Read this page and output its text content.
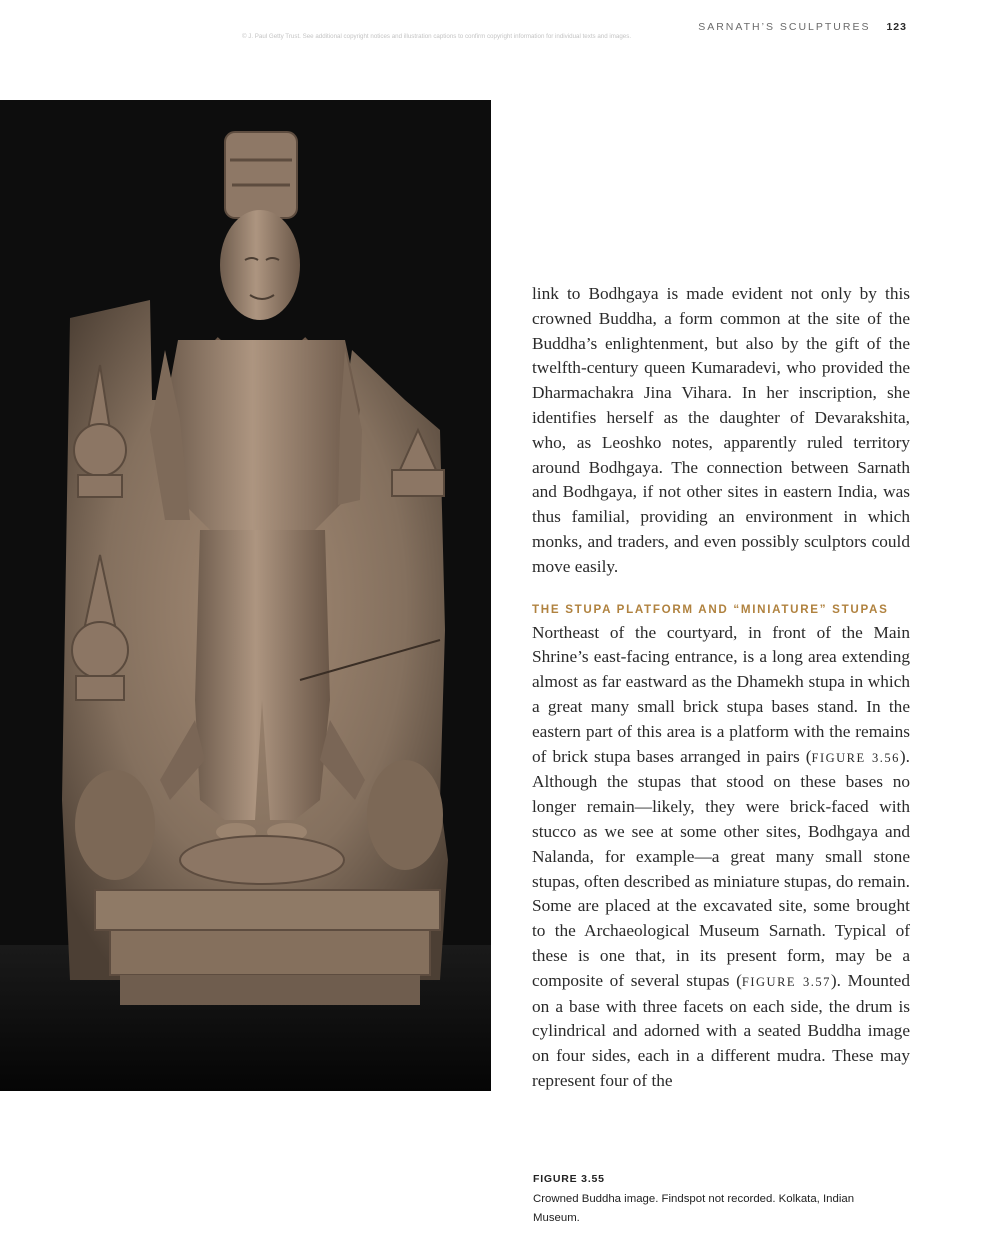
SARNATH’S SCULPTURES 123
© J. Paul Getty Trust. See additional copyright notices and illustration captions to confirm copyright information for individual texts and images.

link to Bodhgaya is made evident not only by this crowned Buddha, a form common at the site of the Buddha’s enlightenment, but also by the gift of the twelfth-century queen Kumaradevi, who provided the Dharmachakra Jina Vihara. In her inscription, she identifies herself as the daughter of Devarakshita, who, as Leoshko notes, apparently ruled territory around Bodhgaya. The connection between Sarnath and Bodhgaya, if not other sites in eastern India, was thus familial, providing an environment in which monks, and traders, and even possibly sculptors could move easily.

THE STUPA PLATFORM AND “MINIATURE” STUPAS

Northeast of the courtyard, in front of the Main Shrine’s east-facing entrance, is a long area extending almost as far eastward as the Dhamekh stupa in which a great many small brick stupa bases stand. In the eastern part of this area is a platform with the remains of brick stupa bases arranged in pairs (FIGURE 3.56). Although the stupas that stood on these bases no longer remain—likely, they were brick-faced with stucco as we see at some other sites, Bodhgaya and Nalanda, for example—a great many small stone stupas, often described as miniature stupas, do remain. Some are placed at the excavated site, some brought to the Archaeological Museum Sarnath. Typical of these is one that, in its present form, may be a composite of several stupas (FIGURE 3.57). Mounted on a base with three facets on each side, the drum is cylindrical and adorned with a seated Buddha image on four sides, each in a different mudra. These may represent four of the

FIGURE 3.55
Crowned Buddha image. Findspot not recorded. Kolkata, Indian Museum.
